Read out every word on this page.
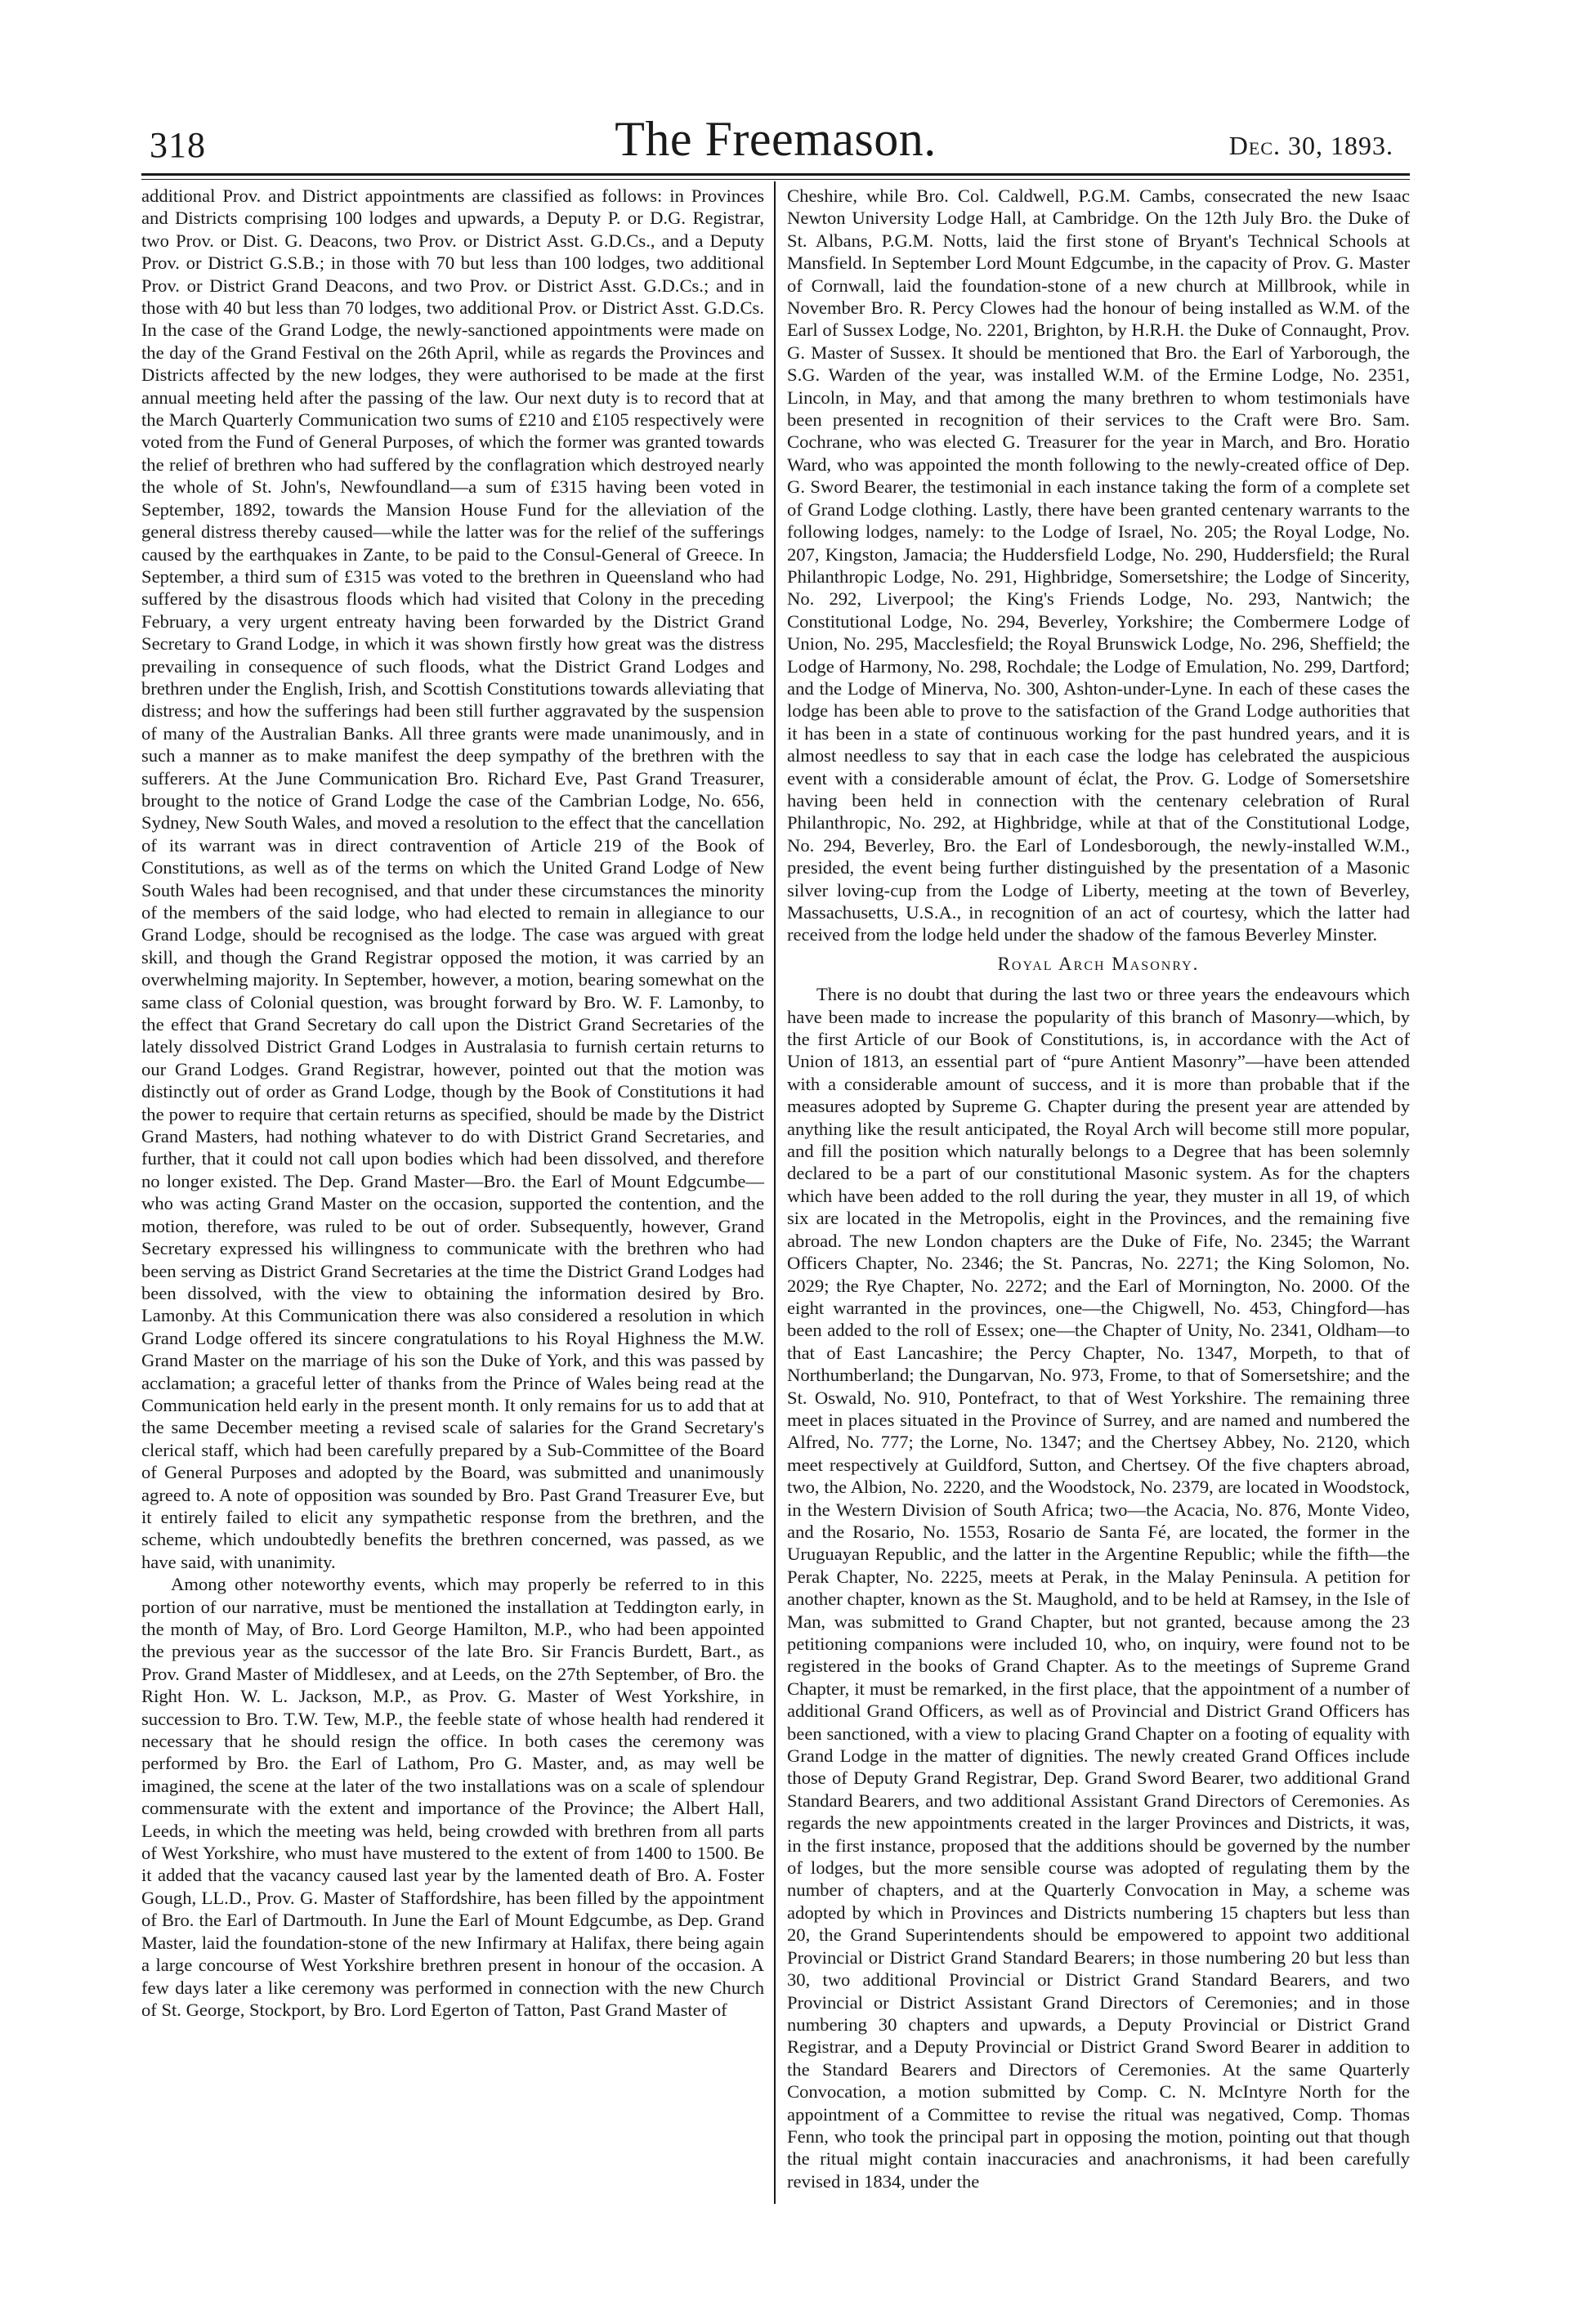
318	The Freemason.	Dec. 30, 1893.

additional Prov. and District appointments are classified as follows: in Provinces and Districts comprising 100 lodges and upwards, a Deputy P. or D.G. Registrar, two Prov. or Dist. G. Deacons, two Prov. or District Asst. G.D.Cs., and a Deputy Prov. or District G.S.B.; in those with 70 but less than 100 lodges, two additional Prov. or District Grand Deacons, and two Prov. or District Asst. G.D.Cs.; and in those with 40 but less than 70 lodges, two additional Prov. or District Asst. G.D.Cs. In the case of the Grand Lodge, the newly-sanctioned appointments were made on the day of the Grand Festival on the 26th April, while as regards the Provinces and Districts affected by the new lodges, they were authorised to be made at the first annual meeting held after the passing of the law. Our next duty is to record that at the March Quarterly Communication two sums of £210 and £105 respectively were voted from the Fund of General Purposes, of which the former was granted towards the relief of brethren who had suffered by the conflagration which destroyed nearly the whole of St. John's, Newfoundland—a sum of £315 having been voted in September, 1892, towards the Mansion House Fund for the alleviation of the general distress thereby caused—while the latter was for the relief of the sufferings caused by the earthquakes in Zante, to be paid to the Consul-General of Greece. In September, a third sum of £315 was voted to the brethren in Queensland who had suffered by the disastrous floods which had visited that Colony in the preceding February, a very urgent entreaty having been forwarded by the District Grand Secretary to Grand Lodge, in which it was shown firstly how great was the distress prevailing in consequence of such floods, what the District Grand Lodges and brethren under the English, Irish, and Scottish Constitutions towards alleviating that distress; and how the sufferings had been still further aggravated by the suspension of many of the Australian Banks. All three grants were made unanimously, and in such a manner as to make manifest the deep sympathy of the brethren with the sufferers. At the June Communication Bro. Richard Eve, Past Grand Treasurer, brought to the notice of Grand Lodge the case of the Cambrian Lodge, No. 656, Sydney, New South Wales, and moved a resolution to the effect that the cancellation of its warrant was in direct contravention of Article 219 of the Book of Constitutions, as well as of the terms on which the United Grand Lodge of New South Wales had been recognised, and that under these circumstances the minority of the members of the said lodge, who had elected to remain in allegiance to our Grand Lodge, should be recognised as the lodge. The case was argued with great skill, and though the Grand Registrar opposed the motion, it was carried by an overwhelming majority. In September, however, a motion, bearing somewhat on the same class of Colonial question, was brought forward by Bro. W. F. Lamonby, to the effect that Grand Secretary do call upon the District Grand Secretaries of the lately dissolved District Grand Lodges in Australasia to furnish certain returns to our Grand Lodges. Grand Registrar, however, pointed out that the motion was distinctly out of order as Grand Lodge, though by the Book of Constitutions it had the power to require that certain returns as specified, should be made by the District Grand Masters, had nothing whatever to do with District Grand Secretaries, and further, that it could not call upon bodies which had been dissolved, and therefore no longer existed. The Dep. Grand Master—Bro. the Earl of Mount Edgcumbe—who was acting Grand Master on the occasion, supported the contention, and the motion, therefore, was ruled to be out of order. Subsequently, however, Grand Secretary expressed his willingness to communicate with the brethren who had been serving as District Grand Secretaries at the time the District Grand Lodges had been dissolved, with the view to obtaining the information desired by Bro. Lamonby. At this Communication there was also considered a resolution in which Grand Lodge offered its sincere congratulations to his Royal Highness the M.W. Grand Master on the marriage of his son the Duke of York, and this was passed by acclamation; a graceful letter of thanks from the Prince of Wales being read at the Communication held early in the present month. It only remains for us to add that at the same December meeting a revised scale of salaries for the Grand Secretary's clerical staff, which had been carefully prepared by a Sub-Committee of the Board of General Purposes and adopted by the Board, was submitted and unanimously agreed to. A note of opposition was sounded by Bro. Past Grand Treasurer Eve, but it entirely failed to elicit any sympathetic response from the brethren, and the scheme, which undoubtedly benefits the brethren concerned, was passed, as we have said, with unanimity.

Among other noteworthy events, which may properly be referred to in this portion of our narrative, must be mentioned the installation at Teddington early, in the month of May, of Bro. Lord George Hamilton, M.P., who had been appointed the previous year as the successor of the late Bro. Sir Francis Burdett, Bart., as Prov. Grand Master of Middlesex, and at Leeds, on the 27th September, of Bro. the Right Hon. W. L. Jackson, M.P., as Prov. G. Master of West Yorkshire, in succession to Bro. T.W. Tew, M.P., the feeble state of whose health had rendered it necessary that he should resign the office. In both cases the ceremony was performed by Bro. the Earl of Lathom, Pro G. Master, and, as may well be imagined, the scene at the later of the two installations was on a scale of splendour commensurate with the extent and importance of the Province; the Albert Hall, Leeds, in which the meeting was held, being crowded with brethren from all parts of West Yorkshire, who must have mustered to the extent of from 1400 to 1500. Be it added that the vacancy caused last year by the lamented death of Bro. A. Foster Gough, LL.D., Prov. G. Master of Staffordshire, has been filled by the appointment of Bro. the Earl of Dartmouth. In June the Earl of Mount Edgcumbe, as Dep. Grand Master, laid the foundation-stone of the new Infirmary at Halifax, there being again a large concourse of West Yorkshire brethren present in honour of the occasion. A few days later a like ceremony was performed in connection with the new Church of St. George, Stockport, by Bro. Lord Egerton of Tatton, Past Grand Master of

Cheshire, while Bro. Col. Caldwell, P.G.M. Cambs, consecrated the new Isaac Newton University Lodge Hall, at Cambridge. On the 12th July Bro. the Duke of St. Albans, P.G.M. Notts, laid the first stone of Bryant's Technical Schools at Mansfield. In September Lord Mount Edgcumbe, in the capacity of Prov. G. Master of Cornwall, laid the foundation-stone of a new church at Millbrook, while in November Bro. R. Percy Clowes had the honour of being installed as W.M. of the Earl of Sussex Lodge, No. 2201, Brighton, by H.R.H. the Duke of Connaught, Prov. G. Master of Sussex. It should be mentioned that Bro. the Earl of Yarborough, the S.G. Warden of the year, was installed W.M. of the Ermine Lodge, No. 2351, Lincoln, in May, and that among the many brethren to whom testimonials have been presented in recognition of their services to the Craft were Bro. Sam. Cochrane, who was elected G. Treasurer for the year in March, and Bro. Horatio Ward, who was appointed the month following to the newly-created office of Dep. G. Sword Bearer, the testimonial in each instance taking the form of a complete set of Grand Lodge clothing. Lastly, there have been granted centenary warrants to the following lodges, namely: to the Lodge of Israel, No. 205; the Royal Lodge, No. 207, Kingston, Jamacia; the Huddersfield Lodge, No. 290, Huddersfield; the Rural Philanthropic Lodge, No. 291, Highbridge, Somersetshire; the Lodge of Sincerity, No. 292, Liverpool; the King's Friends Lodge, No. 293, Nantwich; the Constitutional Lodge, No. 294, Beverley, Yorkshire; the Combermere Lodge of Union, No. 295, Macclesfield; the Royal Brunswick Lodge, No. 296, Sheffield; the Lodge of Harmony, No. 298, Rochdale; the Lodge of Emulation, No. 299, Dartford; and the Lodge of Minerva, No. 300, Ashton-under-Lyne. In each of these cases the lodge has been able to prove to the satisfaction of the Grand Lodge authorities that it has been in a state of continuous working for the past hundred years, and it is almost needless to say that in each case the lodge has celebrated the auspicious event with a considerable amount of éclat, the Prov. G. Lodge of Somersetshire having been held in connection with the centenary celebration of Rural Philanthropic, No. 292, at Highbridge, while at that of the Constitutional Lodge, No. 294, Beverley, Bro. the Earl of Londesborough, the newly-installed W.M., presided, the event being further distinguished by the presentation of a Masonic silver loving-cup from the Lodge of Liberty, meeting at the town of Beverley, Massachusetts, U.S.A., in recognition of an act of courtesy, which the latter had received from the lodge held under the shadow of the famous Beverley Minster.

Royal Arch Masonry.

There is no doubt that during the last two or three years the endeavours which have been made to increase the popularity of this branch of Masonry—which, by the first Article of our Book of Constitutions, is, in accordance with the Act of Union of 1813, an essential part of “pure Antient Masonry”—have been attended with a considerable amount of success, and it is more than probable that if the measures adopted by Supreme G. Chapter during the present year are attended by anything like the result anticipated, the Royal Arch will become still more popular, and fill the position which naturally belongs to a Degree that has been solemnly declared to be a part of our constitutional Masonic system. As for the chapters which have been added to the roll during the year, they muster in all 19, of which six are located in the Metropolis, eight in the Provinces, and the remaining five abroad. The new London chapters are the Duke of Fife, No. 2345; the Warrant Officers Chapter, No. 2346; the St. Pancras, No. 2271; the King Solomon, No. 2029; the Rye Chapter, No. 2272; and the Earl of Mornington, No. 2000. Of the eight warranted in the provinces, one—the Chigwell, No. 453, Chingford—has been added to the roll of Essex; one—the Chapter of Unity, No. 2341, Oldham—to that of East Lancashire; the Percy Chapter, No. 1347, Morpeth, to that of Northumberland; the Dungarvan, No. 973, Frome, to that of Somersetshire; and the St. Oswald, No. 910, Pontefract, to that of West Yorkshire. The remaining three meet in places situated in the Province of Surrey, and are named and numbered the Alfred, No. 777; the Lorne, No. 1347; and the Chertsey Abbey, No. 2120, which meet respectively at Guildford, Sutton, and Chertsey. Of the five chapters abroad, two, the Albion, No. 2220, and the Woodstock, No. 2379, are located in Woodstock, in the Western Division of South Africa; two—the Acacia, No. 876, Monte Video, and the Rosario, No. 1553, Rosario de Santa Fé, are located, the former in the Uruguayan Republic, and the latter in the Argentine Republic; while the fifth—the Perak Chapter, No. 2225, meets at Perak, in the Malay Peninsula. A petition for another chapter, known as the St. Maughold, and to be held at Ramsey, in the Isle of Man, was submitted to Grand Chapter, but not granted, because among the 23 petitioning companions were included 10, who, on inquiry, were found not to be registered in the books of Grand Chapter. As to the meetings of Supreme Grand Chapter, it must be remarked, in the first place, that the appointment of a number of additional Grand Officers, as well as of Provincial and District Grand Officers has been sanctioned, with a view to placing Grand Chapter on a footing of equality with Grand Lodge in the matter of dignities. The newly created Grand Offices include those of Deputy Grand Registrar, Dep. Grand Sword Bearer, two additional Grand Standard Bearers, and two additional Assistant Grand Directors of Ceremonies. As regards the new appointments created in the larger Provinces and Districts, it was, in the first instance, proposed that the additions should be governed by the number of lodges, but the more sensible course was adopted of regulating them by the number of chapters, and at the Quarterly Convocation in May, a scheme was adopted by which in Provinces and Districts numbering 15 chapters but less than 20, the Grand Superintendents should be empowered to appoint two additional Provincial or District Grand Standard Bearers; in those numbering 20 but less than 30, two additional Provincial or District Grand Standard Bearers, and two Provincial or District Assistant Grand Directors of Ceremonies; and in those numbering 30 chapters and upwards, a Deputy Provincial or District Grand Registrar, and a Deputy Provincial or District Grand Sword Bearer in addition to the Standard Bearers and Directors of Ceremonies. At the same Quarterly Convocation, a motion submitted by Comp. C. N. McIntyre North for the appointment of a Committee to revise the ritual was negatived, Comp. Thomas Fenn, who took the principal part in opposing the motion, pointing out that though the ritual might contain inaccuracies and anachronisms, it had been carefully revised in 1834, under the
